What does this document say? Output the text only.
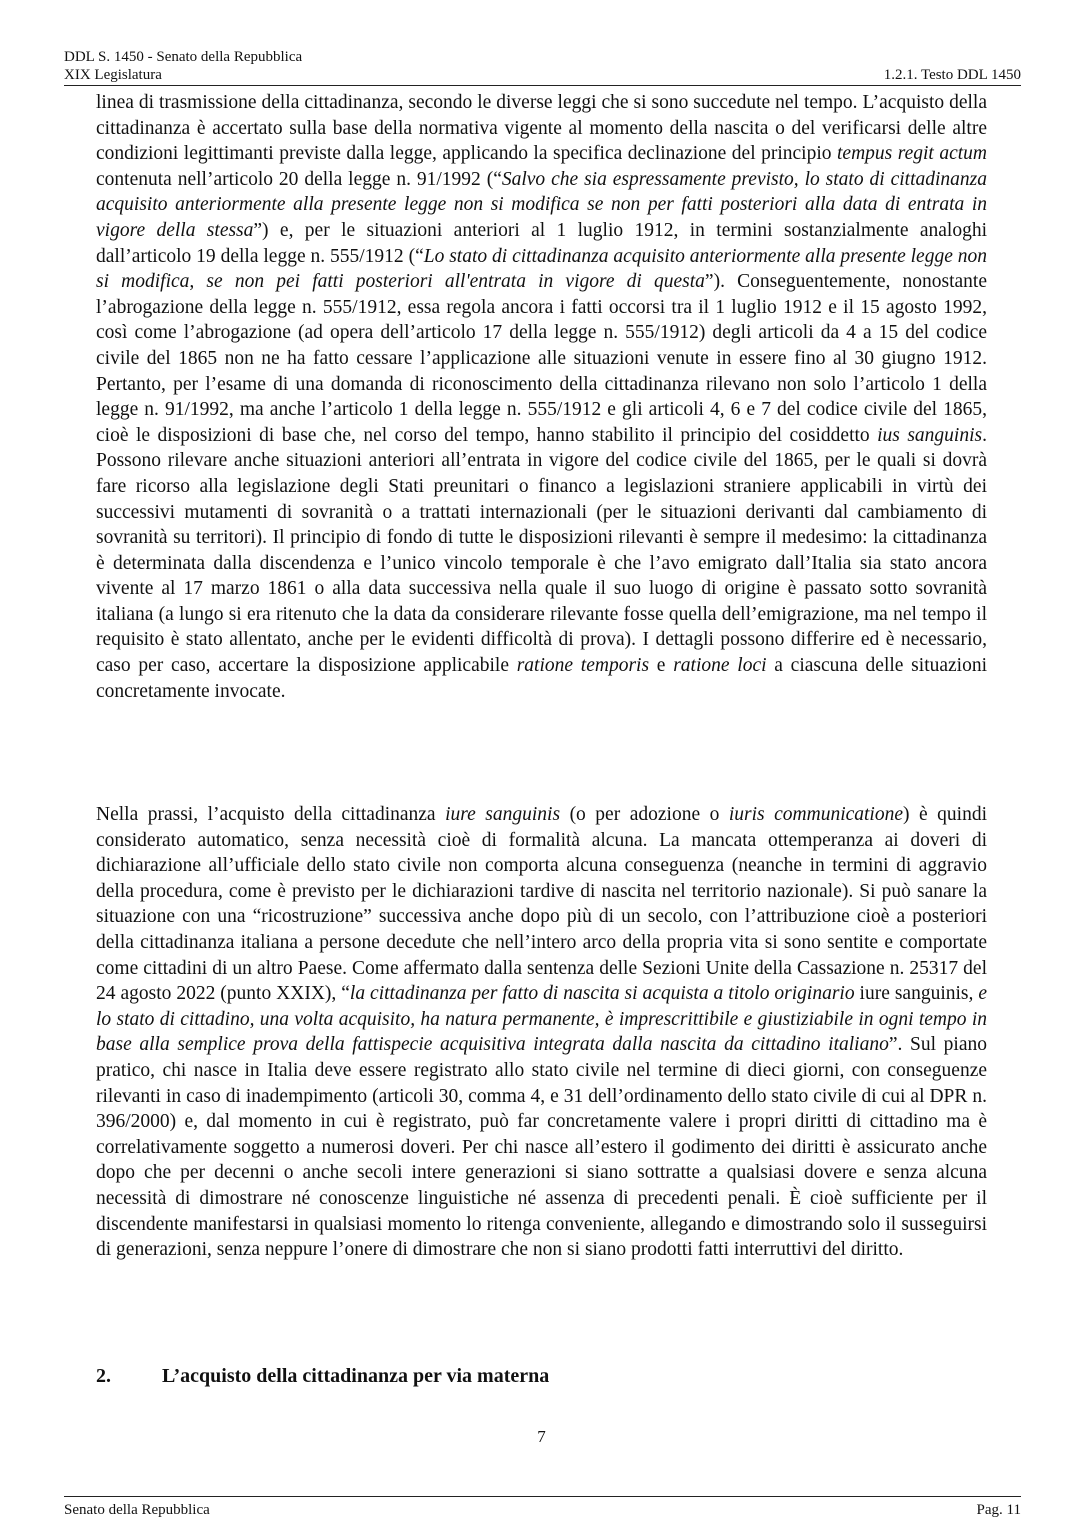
DDL S. 1450 - Senato della Repubblica
XIX Legislatura	1.2.1. Testo DDL 1450

linea di trasmissione della cittadinanza, secondo le diverse leggi che si sono succedute nel tempo. L’acquisto della cittadinanza è accertato sulla base della normativa vigente al momento della nascita o del verificarsi delle altre condizioni legittimanti previste dalla legge, applicando la specifica declinazione del principio tempus regit actum contenuta nell’articolo 20 della legge n. 91/1992 (“Salvo che sia espressamente previsto, lo stato di cittadinanza acquisito anteriormente alla presente legge non si modifica se non per fatti posteriori alla data di entrata in vigore della stessa”) e, per le situazioni anteriori al 1 luglio 1912, in termini sostanzialmente analoghi dall’articolo 19 della legge n. 555/1912 (“Lo stato di cittadinanza acquisito anteriormente alla presente legge non si modifica, se non pei fatti posteriori all'entrata in vigore di questa”). Conseguentemente, nonostante l’abrogazione della legge n. 555/1912, essa regola ancora i fatti occorsi tra il 1 luglio 1912 e il 15 agosto 1992, così come l’abrogazione (ad opera dell’articolo 17 della legge n. 555/1912) degli articoli da 4 a 15 del codice civile del 1865 non ne ha fatto cessare l’applicazione alle situazioni venute in essere fino al 30 giugno 1912. Pertanto, per l’esame di una domanda di riconoscimento della cittadinanza rilevano non solo l’articolo 1 della legge n. 91/1992, ma anche l’articolo 1 della legge n. 555/1912 e gli articoli 4, 6 e 7 del codice civile del 1865, cioè le disposizioni di base che, nel corso del tempo, hanno stabilito il principio del cosiddetto ius sanguinis. Possono rilevare anche situazioni anteriori all’entrata in vigore del codice civile del 1865, per le quali si dovrà fare ricorso alla legislazione degli Stati preunitari o financo a legislazioni straniere applicabili in virtù dei successivi mutamenti di sovranità o a trattati internazionali (per le situazioni derivanti dal cambiamento di sovranità su territori). Il principio di fondo di tutte le disposizioni rilevanti è sempre il medesimo: la cittadinanza è determinata dalla discendenza e l’unico vincolo temporale è che l’avo emigrato dall’Italia sia stato ancora vivente al 17 marzo 1861 o alla data successiva nella quale il suo luogo di origine è passato sotto sovranità italiana (a lungo si era ritenuto che la data da considerare rilevante fosse quella dell’emigrazione, ma nel tempo il requisito è stato allentato, anche per le evidenti difficoltà di prova). I dettagli possono differire ed è necessario, caso per caso, accertare la disposizione applicabile ratione temporis e ratione loci a ciascuna delle situazioni concretamente invocate.

Nella prassi, l’acquisto della cittadinanza iure sanguinis (o per adozione o iuris communicatione) è quindi considerato automatico, senza necessità cioè di formalità alcuna. La mancata ottemperanza ai doveri di dichiarazione all’ufficiale dello stato civile non comporta alcuna conseguenza (neanche in termini di aggravio della procedura, come è previsto per le dichiarazioni tardive di nascita nel territorio nazionale). Si può sanare la situazione con una “ricostruzione” successiva anche dopo più di un secolo, con l’attribuzione cioè a posteriori della cittadinanza italiana a persone decedute che nell’intero arco della propria vita si sono sentite e comportate come cittadini di un altro Paese. Come affermato dalla sentenza delle Sezioni Unite della Cassazione n. 25317 del 24 agosto 2022 (punto XXIX), “la cittadinanza per fatto di nascita si acquista a titolo originario iure sanguinis, e lo stato di cittadino, una volta acquisito, ha natura permanente, è imprescrittibile e giustiziabile in ogni tempo in base alla semplice prova della fattispecie acquisitiva integrata dalla nascita da cittadino italiano”. Sul piano pratico, chi nasce in Italia deve essere registrato allo stato civile nel termine di dieci giorni, con conseguenze rilevanti in caso di inadempimento (articoli 30, comma 4, e 31 dell’ordinamento dello stato civile di cui al DPR n. 396/2000) e, dal momento in cui è registrato, può far concretamente valere i propri diritti di cittadino ma è correlativamente soggetto a numerosi doveri. Per chi nasce all’estero il godimento dei diritti è assicurato anche dopo che per decenni o anche secoli intere generazioni si siano sottratte a qualsiasi dovere e senza alcuna necessità di dimostrare né conoscenze linguistiche né assenza di precedenti penali. È cioè sufficiente per il discendente manifestarsi in qualsiasi momento lo ritenga conveniente, allegando e dimostrando solo il susseguirsi di generazioni, senza neppure l’onere di dimostrare che non si siano prodotti fatti interruttivi del diritto.

2.	L’acquisto della cittadinanza per via materna
7
Senato della Repubblica	Pag. 11
